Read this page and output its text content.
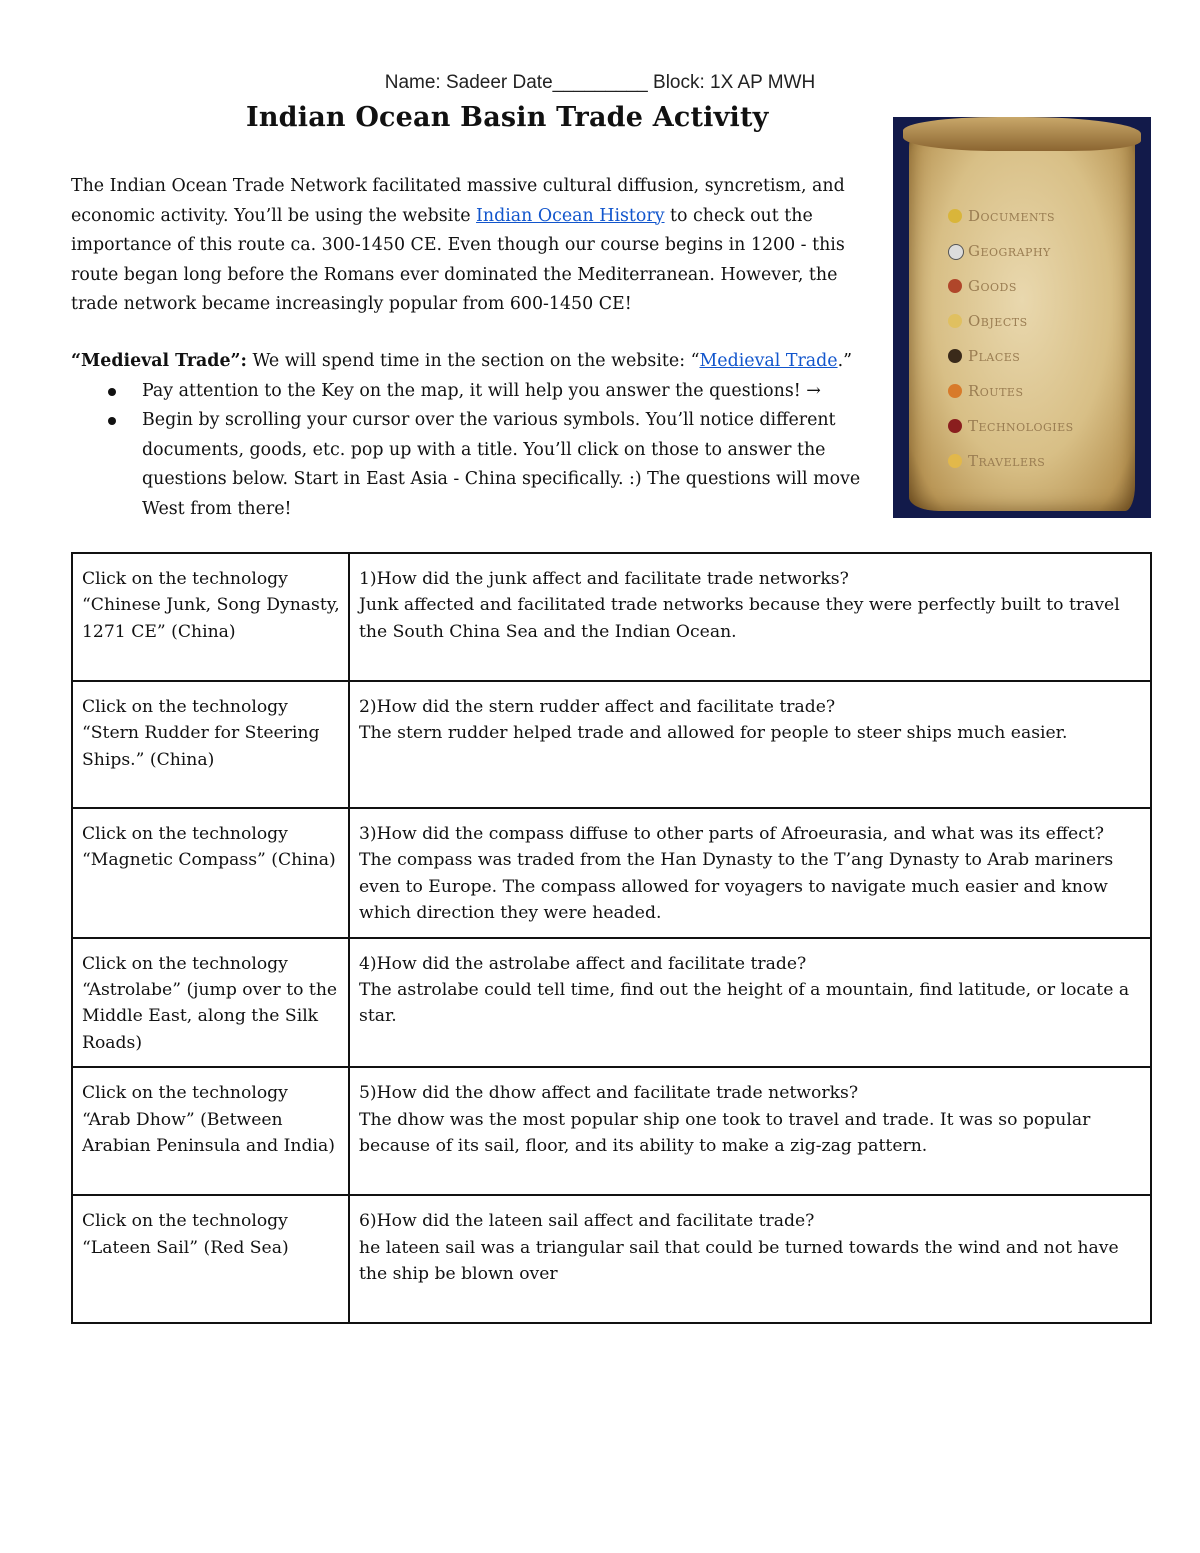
Name: Sadeer Date_________ Block: 1X AP MWH
Indian Ocean Basin Trade Activity

The Indian Ocean Trade Network facilitated massive cultural diffusion, syncretism, and economic activity. You’ll be using the website Indian Ocean History to check out the importance of this route ca. 300-1450 CE. Even though our course begins in 1200 - this route began long before the Romans ever dominated the Mediterranean. However, the trade network became increasingly popular from 600-1450 CE!

“Medieval Trade”: We will spend time in the section on the website: “Medieval Trade.”
Pay attention to the Key on the map, it will help you answer the questions! →
Begin by scrolling your cursor over the various symbols. You’ll notice different documents, goods, etc. pop up with a title. You’ll click on those to answer the questions below. Start in East Asia - China specifically. :) The questions will move West from there!
Documents
Geography
Goods
Objects
Places
Routes
Technologies
Travelers
Click on the technology “Chinese Junk, Song Dynasty, 1271 CE” (China)	1)How did the junk affect and facilitate trade networks?
Junk affected and facilitated trade networks because they were perfectly built to travel the South China Sea and the Indian Ocean.

Click on the technology “Stern Rudder for Steering Ships.” (China)	2)How did the stern rudder affect and facilitate trade?
The stern rudder helped trade and allowed for people to steer ships much easier.

Click on the technology “Magnetic Compass” (China)	3)How did the compass diffuse to other parts of Afroeurasia, and what was its effect?
The compass was traded from the Han Dynasty to the T’ang Dynasty to Arab mariners even to Europe. The compass allowed for voyagers to navigate much easier and know which direction they were headed.

Click on the technology “Astrolabe” (jump over to the Middle East, along the Silk Roads)	4)How did the astrolabe affect and facilitate trade?
The astrolabe could tell time, find out the height of a mountain, find latitude, or locate a star.

Click on the technology “Arab Dhow” (Between Arabian Peninsula and India)	5)How did the dhow affect and facilitate trade networks?
The dhow was the most popular ship one took to travel and trade. It was so popular because of its sail, floor, and its ability to make a zig-zag pattern.

Click on the technology “Lateen Sail” (Red Sea)	6)How did the lateen sail affect and facilitate trade?
he lateen sail was a triangular sail that could be turned towards the wind and not have the ship be blown over
